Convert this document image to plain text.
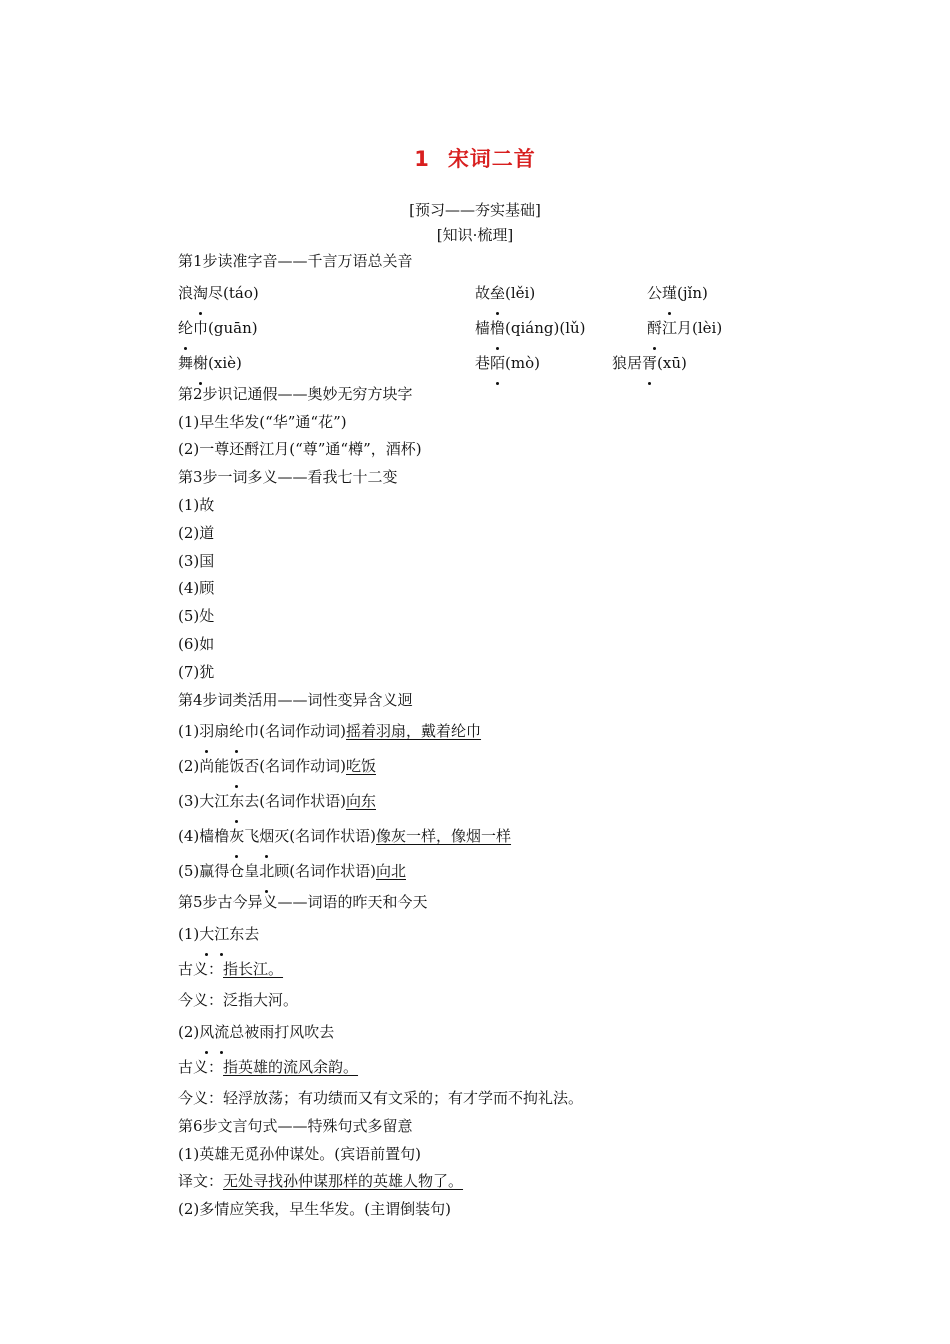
1 宋词二首
[预习——夯实基础]
[知识·梳理]
第1步读准字音——千言万语总关音
浪淘尽(táo)	故垒(lěi)	公瑾(jǐn)
纶巾(guān)	樯橹(qiáng)(lǔ)	酹江月(lèi)
舞榭(xiè)	巷陌(mò)	狼居胥(xū)
第2步识记通假——奥妙无穷方块字
(1)早生华发(“华”通“花”)
(2)一尊还酹江月(“尊”通“樽”，酒杯)
第3步一词多义——看我七十二变
(1)故
(2)道
(3)国
(4)顾
(5)处
(6)如
(7)犹
第4步词类活用——词性变异含义迥
(1)羽扇纶巾(名词作动词)摇着羽扇，戴着纶巾
(2)尚能饭否(名词作动词)吃饭
(3)大江东去(名词作状语)向东
(4)樯橹灰飞烟灭(名词作状语)像灰一样，像烟一样
(5)赢得仓皇北顾(名词作状语)向北
第5步古今异义——词语的昨天和今天
(1)大江东去
古义：指长江。
今义：泛指大河。
(2)风流总被雨打风吹去
古义：指英雄的流风余韵。
今义：轻浮放荡；有功绩而又有文采的；有才学而不拘礼法。
第6步文言句式——特殊句式多留意
(1)英雄无觅孙仲谋处。(宾语前置句)
译文：无处寻找孙仲谋那样的英雄人物了。
(2)多情应笑我，早生华发。(主谓倒装句)
